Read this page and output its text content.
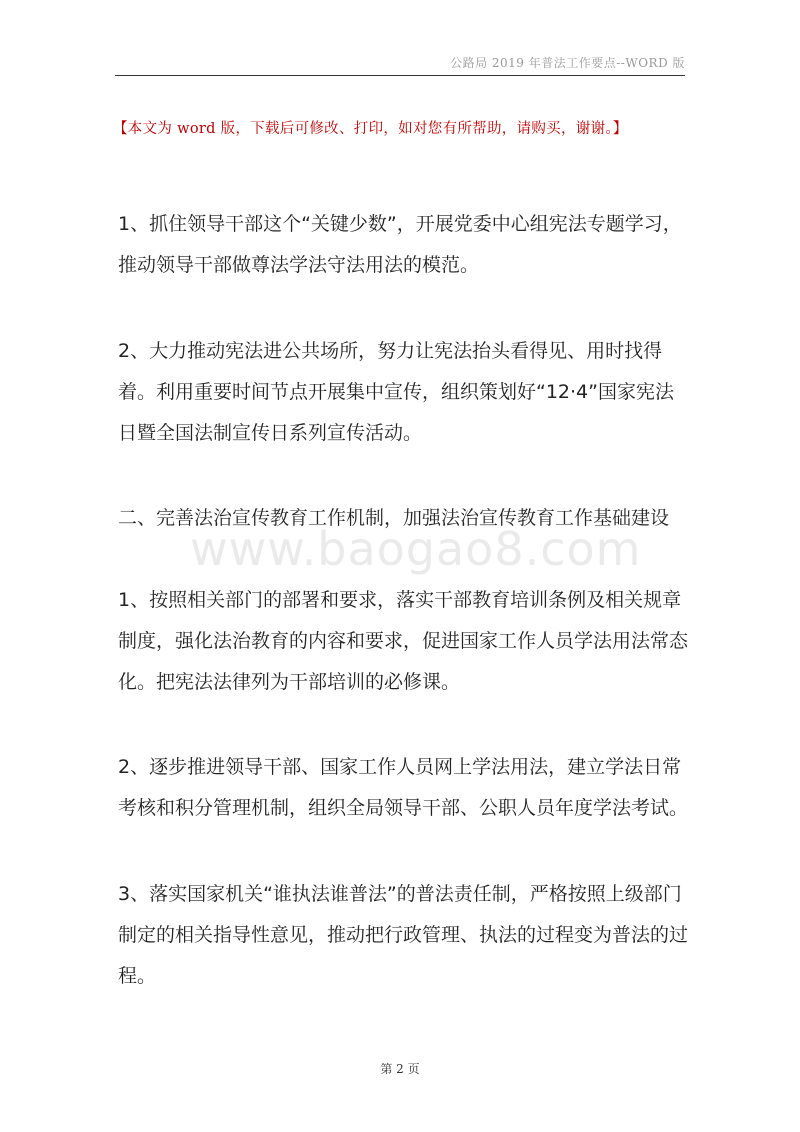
公路局 2019 年普法工作要点--WORD 版
【本文为 word 版，下载后可修改、打印，如对您有所帮助，请购买，谢谢。】
1、抓住领导干部这个“关键少数”，开展党委中心组宪法专题学习，推动领导干部做尊法学法守法用法的模范。
2、大力推动宪法进公共场所，努力让宪法抬头看得见、用时找得着。利用重要时间节点开展集中宣传，组织策划好“12·4”国家宪法日暨全国法制宣传日系列宣传活动。
二、完善法治宣传教育工作机制，加强法治宣传教育工作基础建设
www.baogao8.com
1、按照相关部门的部署和要求，落实干部教育培训条例及相关规章制度，强化法治教育的内容和要求，促进国家工作人员学法用法常态化。把宪法法律列为干部培训的必修课。
2、逐步推进领导干部、国家工作人员网上学法用法，建立学法日常考核和积分管理机制，组织全局领导干部、公职人员年度学法考试。
3、落实国家机关“谁执法谁普法”的普法责任制，严格按照上级部门制定的相关指导性意见，推动把行政管理、执法的过程变为普法的过程。
第 2 页
